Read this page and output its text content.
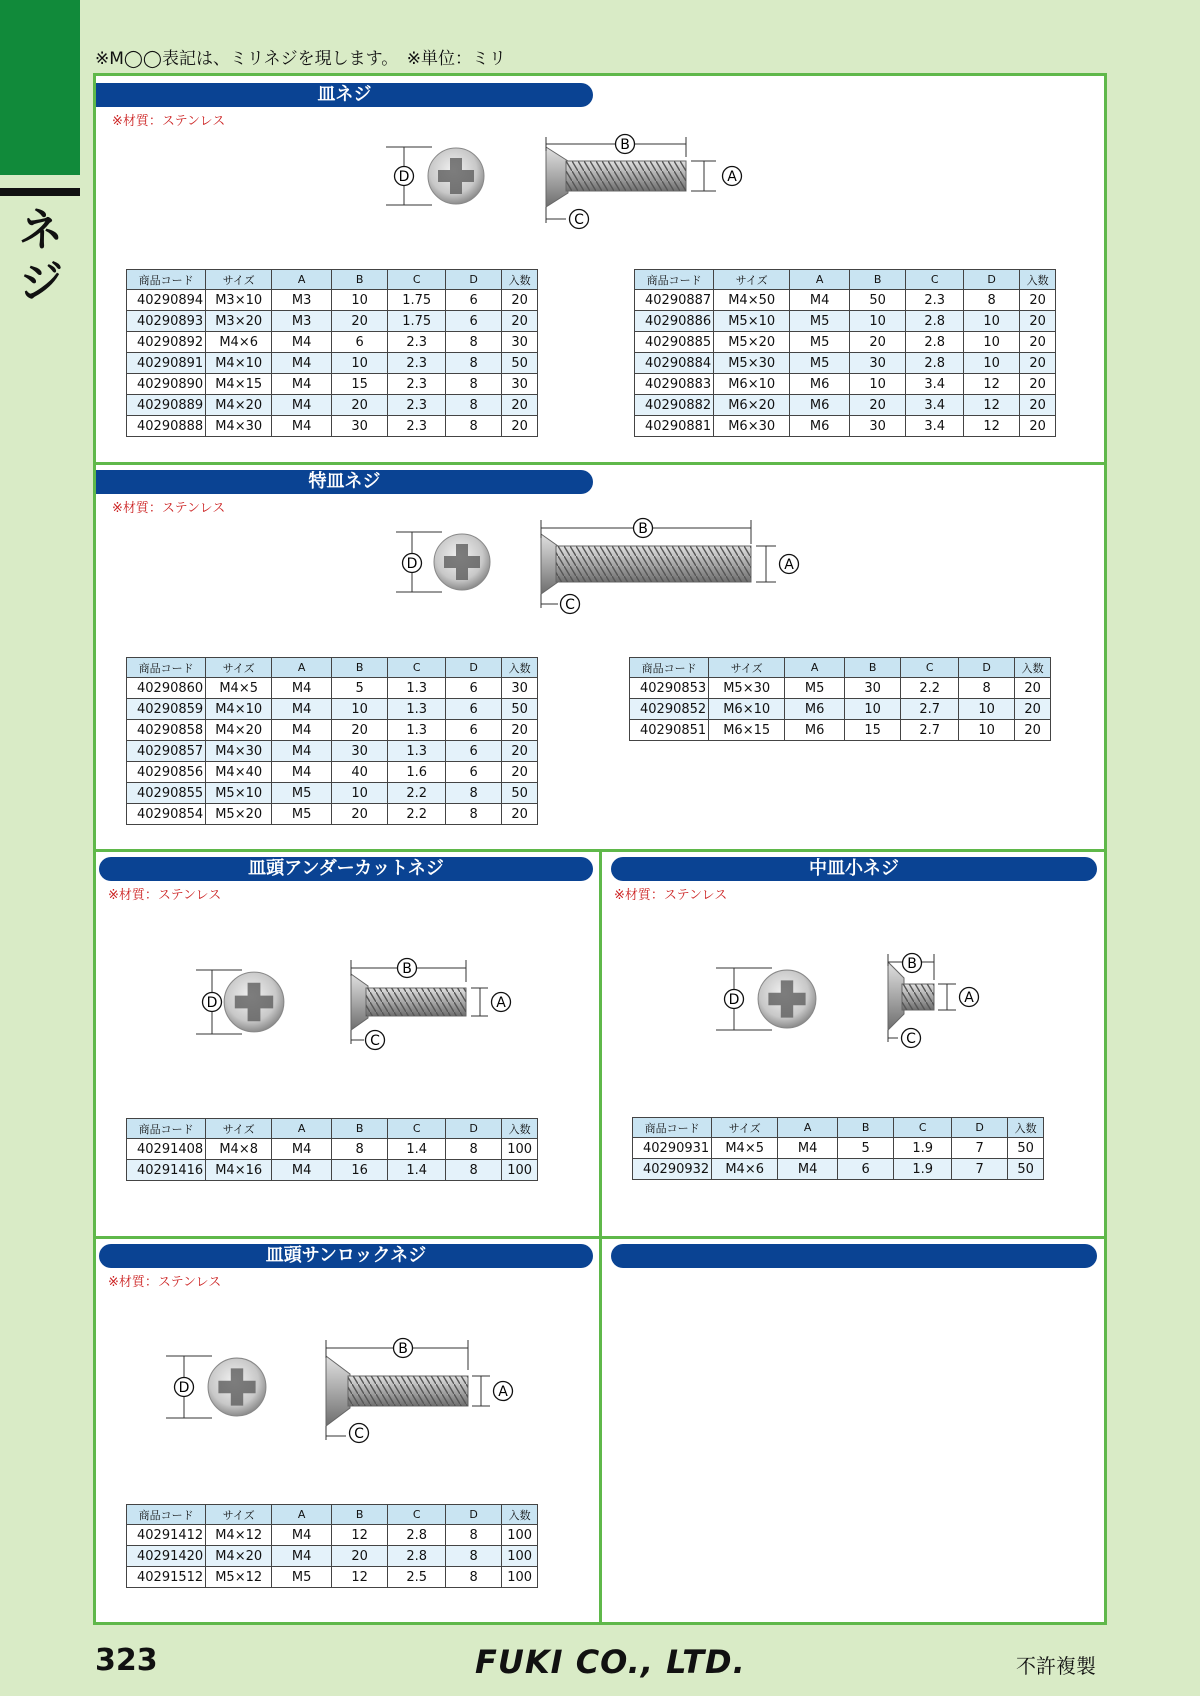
ネジ
※M◯◯表記は、ミリネジを現します。　※単位：ミリ
皿ネジ
※材質：ステンレス
D
B
A
C
商品コード	サイズ	A	B	C	D	入数
40290894	M3×10	M3	10	1.75	6	20
40290893	M3×20	M3	20	1.75	6	20
40290892	M4×6	M4	6	2.3	8	30
40290891	M4×10	M4	10	2.3	8	50
40290890	M4×15	M4	15	2.3	8	30
40290889	M4×20	M4	20	2.3	8	20
40290888	M4×30	M4	30	2.3	8	20
商品コード	サイズ	A	B	C	D	入数
40290887	M4×50	M4	50	2.3	8	20
40290886	M5×10	M5	10	2.8	10	20
40290885	M5×20	M5	20	2.8	10	20
40290884	M5×30	M5	30	2.8	10	20
40290883	M6×10	M6	10	3.4	12	20
40290882	M6×20	M6	20	3.4	12	20
40290881	M6×30	M6	30	3.4	12	20
特皿ネジ
※材質：ステンレス
D
B
A
C
商品コード	サイズ	A	B	C	D	入数
40290860	M4×5	M4	5	1.3	6	30
40290859	M4×10	M4	10	1.3	6	50
40290858	M4×20	M4	20	1.3	6	20
40290857	M4×30	M4	30	1.3	6	20
40290856	M4×40	M4	40	1.6	6	20
40290855	M5×10	M5	10	2.2	8	50
40290854	M5×20	M5	20	2.2	8	20
商品コード	サイズ	A	B	C	D	入数
40290853	M5×30	M5	30	2.2	8	20
40290852	M6×10	M6	10	2.7	10	20
40290851	M6×15	M6	15	2.7	10	20
皿頭アンダーカットネジ
※材質：ステンレス
D
B
A
C
商品コード	サイズ	A	B	C	D	入数
40291408	M4×8	M4	8	1.4	8	100
40291416	M4×16	M4	16	1.4	8	100
中皿小ネジ
※材質：ステンレス
D
B
A
C
商品コード	サイズ	A	B	C	D	入数
40290931	M4×5	M4	5	1.9	7	50
40290932	M4×6	M4	6	1.9	7	50
皿頭サンロックネジ
※材質：ステンレス
D
B
A
C
商品コード	サイズ	A	B	C	D	入数
40291412	M4×12	M4	12	2.8	8	100
40291420	M4×20	M4	20	2.8	8	100
40291512	M5×12	M5	12	2.5	8	100
323	FUKI CO., LTD.	不許複製
